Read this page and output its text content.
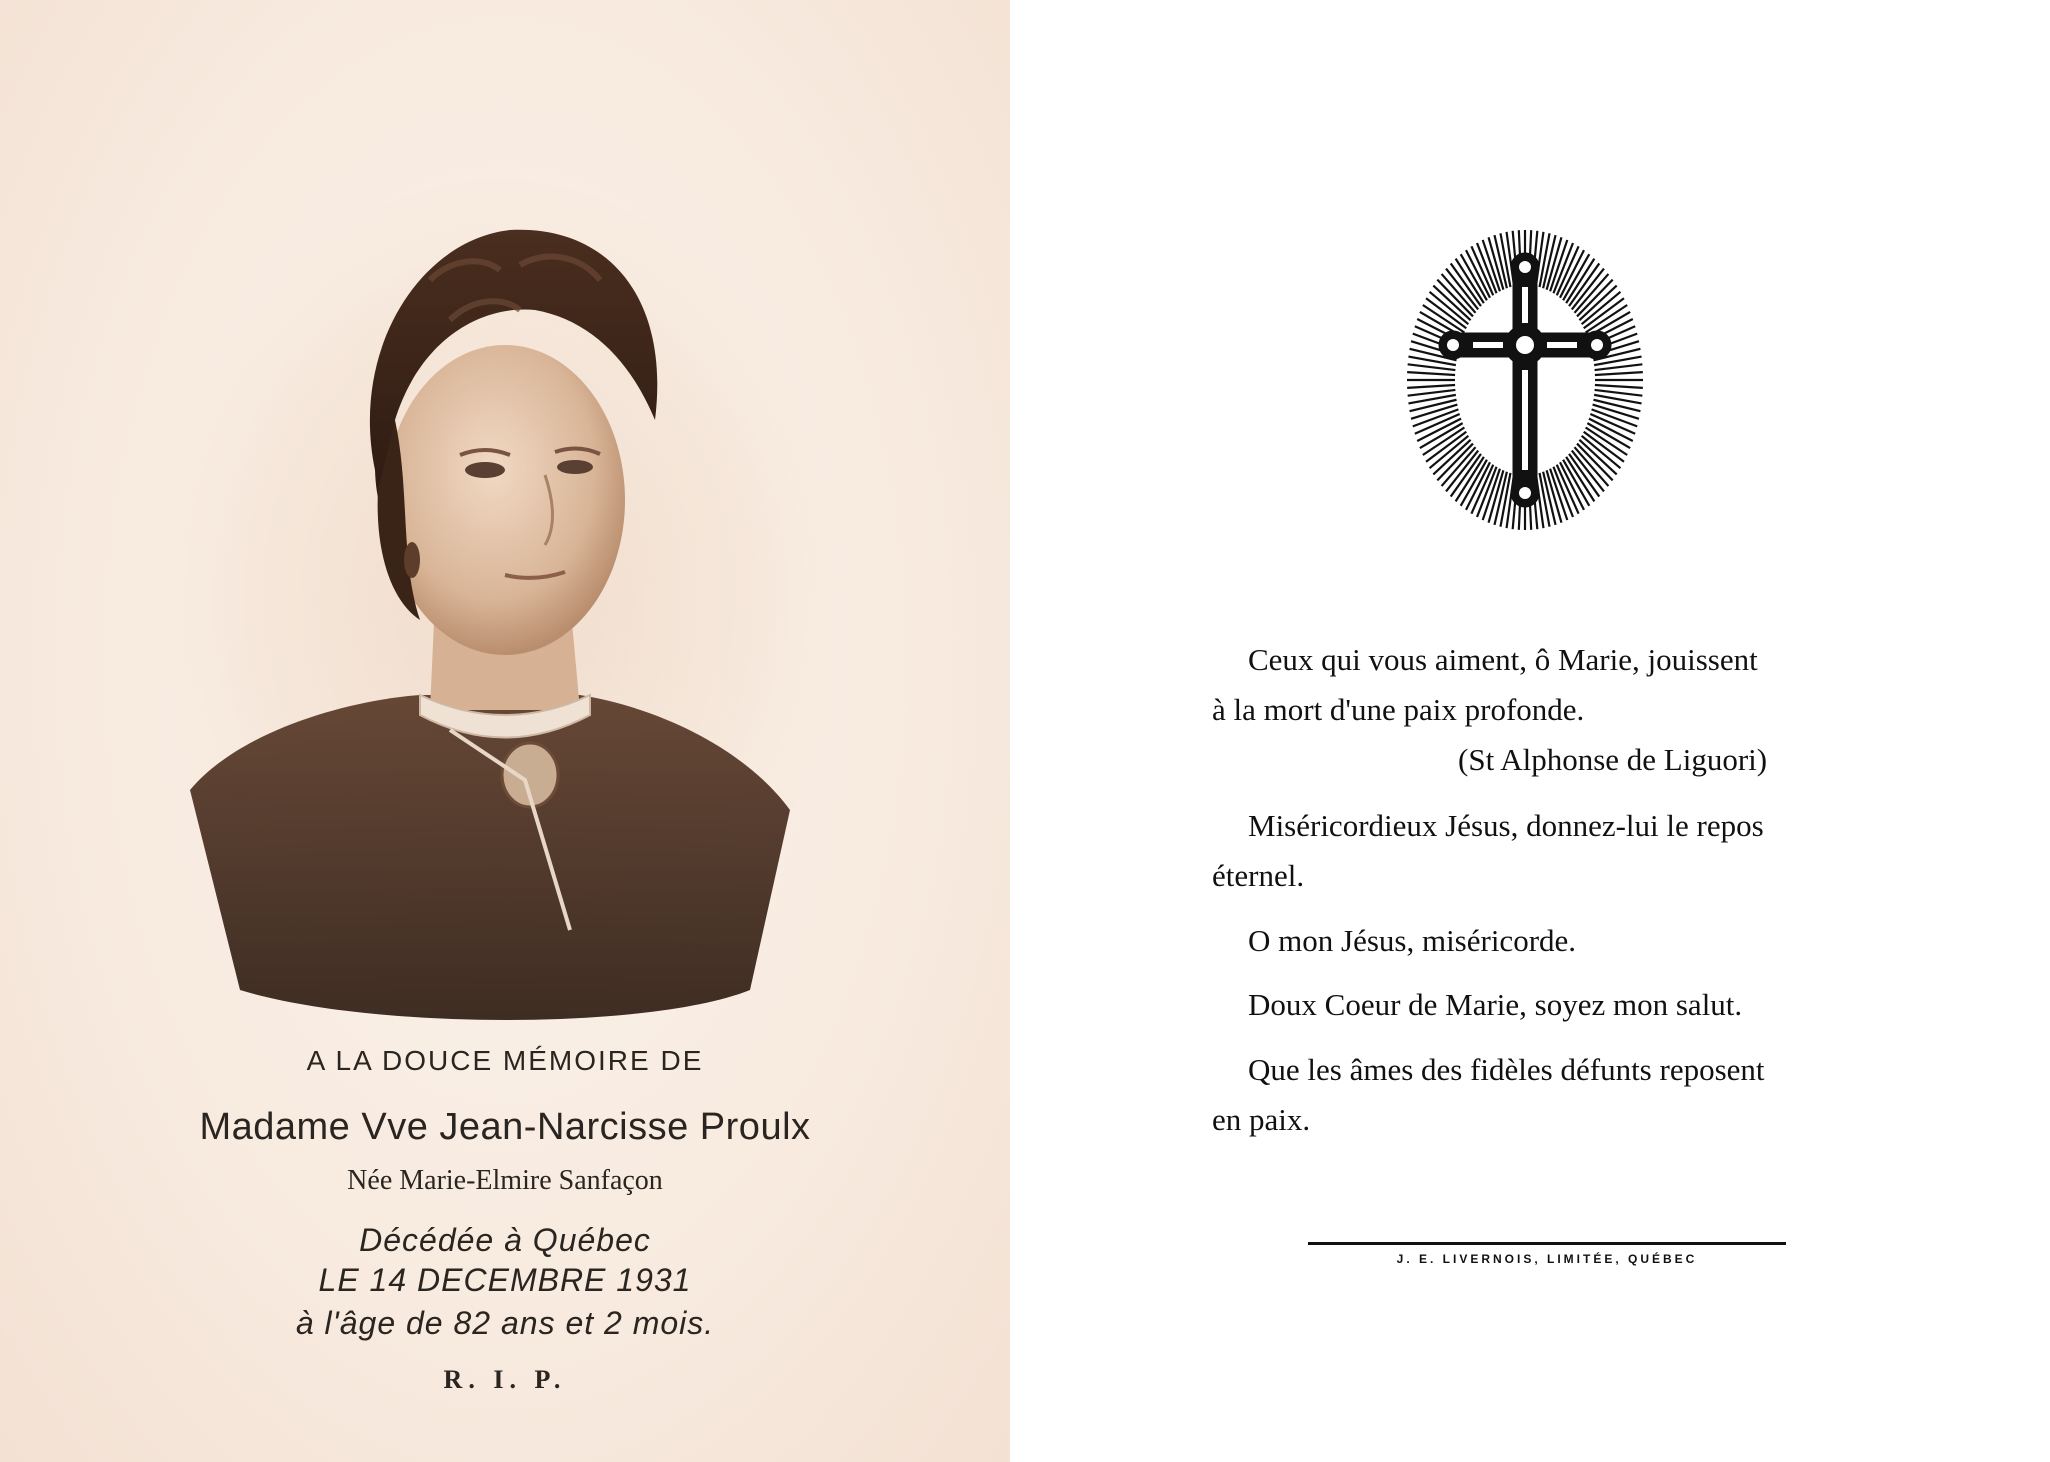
A LA DOUCE MÉMOIRE DE
Madame Vve Jean-Narcisse Proulx
Née Marie-Elmire Sanfaçon
Décédée à Québec
LE 14 DECEMBRE 1931
à l'âge de 82 ans et 2 mois.
R. I. P.
Ceux qui vous aiment, ô Marie, jouissent
à la mort d'une paix profonde.
(St Alphonse de Liguori)
Miséricordieux Jésus, donnez-lui le repos
éternel.
O mon Jésus, miséricorde.
Doux Coeur de Marie, soyez mon salut.
Que les âmes des fidèles défunts reposent
en paix.
J. E. LIVERNOIS, LIMITÉE, QUÉBEC
